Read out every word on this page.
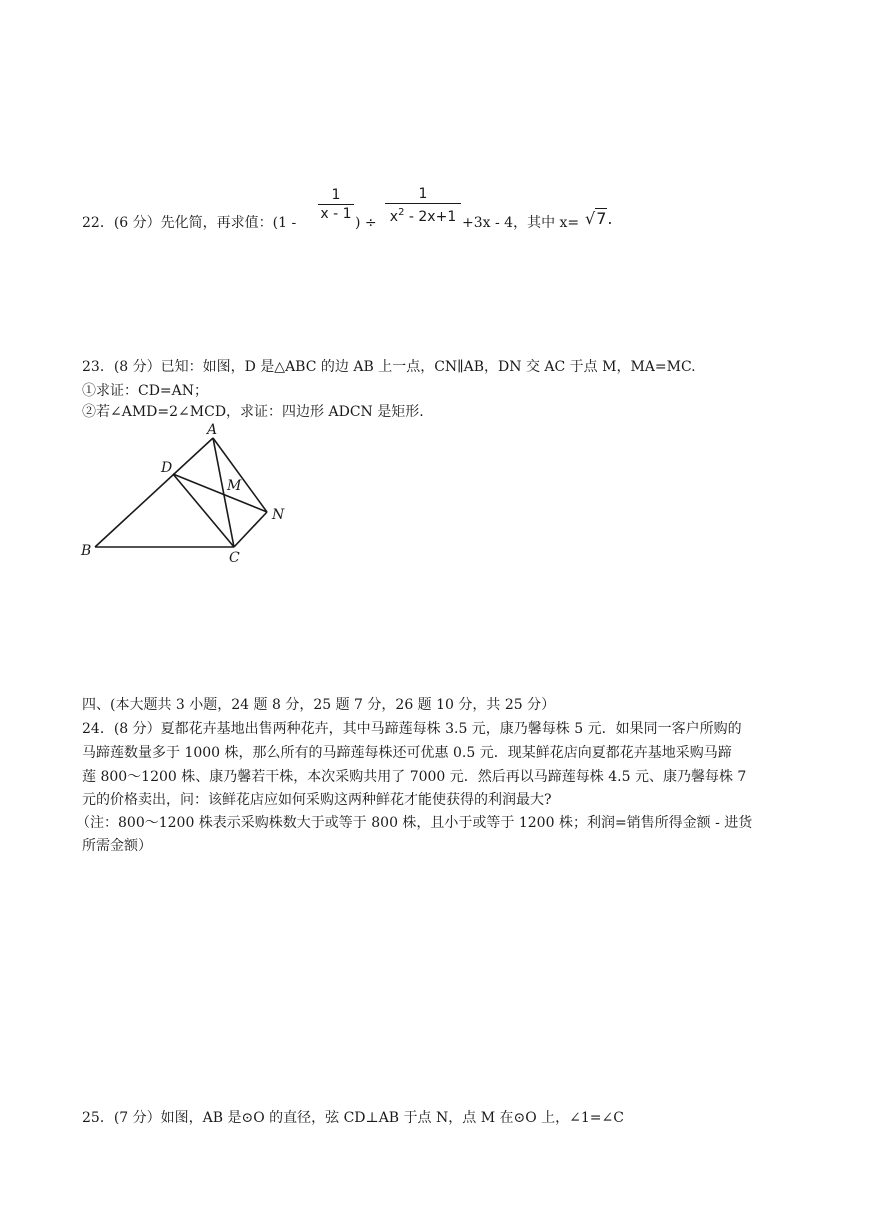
22．(6 分）先化简，再求值：(1 -
1
x - 1
) ÷
1
$x^2 - 2x+1 +3x - 4$，其中 x= √7.
23．(8 分）已知：如图，D 是△ABC 的边 AB 上一点，CN∥AB，DN 交 AC 于点 M，MA=MC.
①求证：CD=AN；
②若∠AMD=2∠MCD，求证：四边形 ADCN 是矩形.
A
D
M
N
B	C
四、(本大题共 3 小题，24 题 8 分，25 题 7 分，26 题 10 分，共 25 分）
24．(8 分）夏都花卉基地出售两种花卉，其中马蹄莲每株 3.5 元，康乃馨每株 5 元．如果同一客户所购的
马蹄莲数量多于 1000 株，那么所有的马蹄莲每株还可优惠 0.5 元．现某鲜花店向夏都花卉基地采购马蹄
莲 800～1200 株、康乃馨若干株，本次采购共用了 7000 元．然后再以马蹄莲每株 4.5 元、康乃馨每株 7
元的价格卖出，问：该鲜花店应如何采购这两种鲜花才能使获得的利润最大?
（注：800～1200 株表示采购株数大于或等于 800 株，且小于或等于 1200 株；利润=销售所得金额 - 进货
所需金额）
25．(7 分）如图，AB 是⊙O 的直径，弦 CD⊥AB 于点 N，点 M 在⊙O 上，∠1=∠C
